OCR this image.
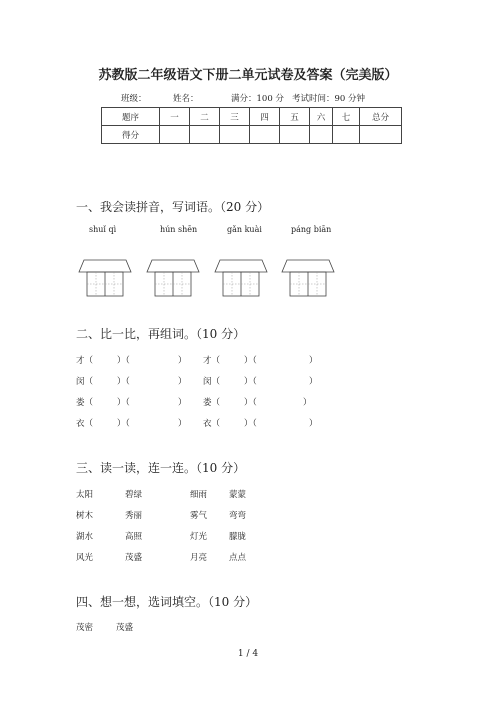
苏教版二年级语文下册二单元试卷及答案（完美版）
班级：	姓名：	满分：100 分 考试时间：90 分钟
题序	一	二	三	四	五	六	七	总分
得分								
一、我会读拼音，写词语。（20 分）
shuǐ qì	hún shēn	gǎn kuài	páng biān
二、比一比，再组词。（10 分）
才（	）（	） 才（	）（	）
闵（	）（	） 闵（	）（	）
娄（	）（	） 娄（	）（	）
衣（	）（	） 衣（	）（	）
三、读一读，连一连。（10 分）
太阳	碧绿	细雨	蒙蒙
树木	秀丽	雾气	弯弯
湖水	高照	灯光	朦胧
风光	茂盛	月亮	点点
四、想一想，选词填空。（10 分）
茂密	茂盛
1 / 4
